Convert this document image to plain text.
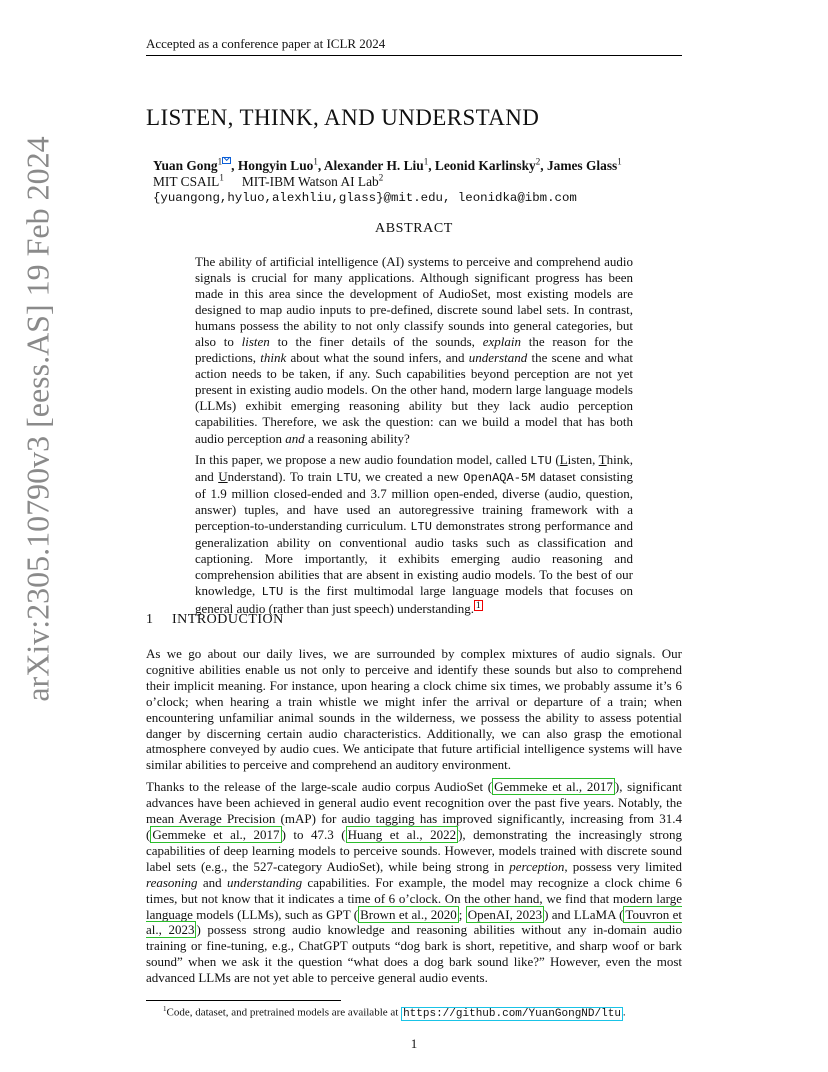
Accepted as a conference paper at ICLR 2024
arXiv:2305.10790v3 [eess.AS] 19 Feb 2024
LISTEN, THINK, AND UNDERSTAND
Yuan Gong$^1$ , Hongyin Luo$^1$, Alexander H. Liu$^1$, Leonid Karlinsky$^2$, James Glass$^1$
MIT CSAIL$^1$ MIT-IBM Watson AI Lab$^2$
{yuangong,hyluo,alexhliu,glass}@mit.edu, leonidka@ibm.com
ABSTRACT

The ability of artificial intelligence (AI) systems to perceive and comprehend audio signals is crucial for many applications. Although significant progress has been made in this area since the development of AudioSet, most existing models are designed to map audio inputs to pre-defined, discrete sound label sets. In contrast, humans possess the ability to not only classify sounds into general categories, but also to listen to the finer details of the sounds, explain the reason for the predictions, think about what the sound infers, and understand the scene and what action needs to be taken, if any. Such capabilities beyond perception are not yet present in existing audio models. On the other hand, modern large language models (LLMs) exhibit emerging reasoning ability but they lack audio perception capabilities. Therefore, we ask the question: can we build a model that has both audio perception and a reasoning ability?

In this paper, we propose a new audio foundation model, called LTU (Listen, Think, and Understand). To train LTU, we created a new OpenAQA-5M dataset consisting of 1.9 million closed-ended and 3.7 million open-ended, diverse (audio, question, answer) tuples, and have used an autoregressive training framework with a perception-to-understanding curriculum. LTU demonstrates strong performance and generalization ability on conventional audio tasks such as classification and captioning. More importantly, it exhibits emerging audio reasoning and comprehension abilities that are absent in existing audio models. To the best of our knowledge, LTU is the first multimodal large language models that focuses on general audio (rather than just speech) understanding. 1

1 INTRODUCTION

As we go about our daily lives, we are surrounded by complex mixtures of audio signals. Our cognitive abilities enable us not only to perceive and identify these sounds but also to comprehend their implicit meaning. For instance, upon hearing a clock chime six times, we probably assume it’s 6 o’clock; when hearing a train whistle we might infer the arrival or departure of a train; when encountering unfamiliar animal sounds in the wilderness, we possess the ability to assess potential danger by discerning certain audio characteristics. Additionally, we can also grasp the emotional atmosphere conveyed by audio cues. We anticipate that future artificial intelligence systems will have similar abilities to perceive and comprehend an auditory environment.

Thanks to the release of the large-scale audio corpus AudioSet ( Gemmeke et al., 2017 ), significant advances have been achieved in general audio event recognition over the past five years. Notably, the mean Average Precision (mAP) for audio tagging has improved significantly, increasing from 31.4 ( Gemmeke et al., 2017 ) to 47.3 ( Huang et al., 2022 ), demonstrating the increasingly strong capabilities of deep learning models to perceive sounds. However, models trained with discrete sound label sets (e.g., the 527-category AudioSet), while being strong in perception, possess very limited reasoning and understanding capabilities. For example, the model may recognize a clock chime 6 times, but not know that it indicates a time of 6 o’clock. On the other hand, we find that modern large language models (LLMs), such as GPT ( Brown et al., 2020 ; OpenAI, 2023 ) and LLaMA ( Touvron et al., 2023 ) possess strong audio knowledge and reasoning abilities without any in-domain audio training or fine-tuning, e.g., ChatGPT outputs “dog bark is short, repetitive, and sharp woof or bark sound” when we ask it the question “what does a dog bark sound like?” However, even the most advanced LLMs are not yet able to perceive general audio events.

$^1$Code, dataset, and pretrained models are available at https://github.com/YuanGongND/ltu .
1
